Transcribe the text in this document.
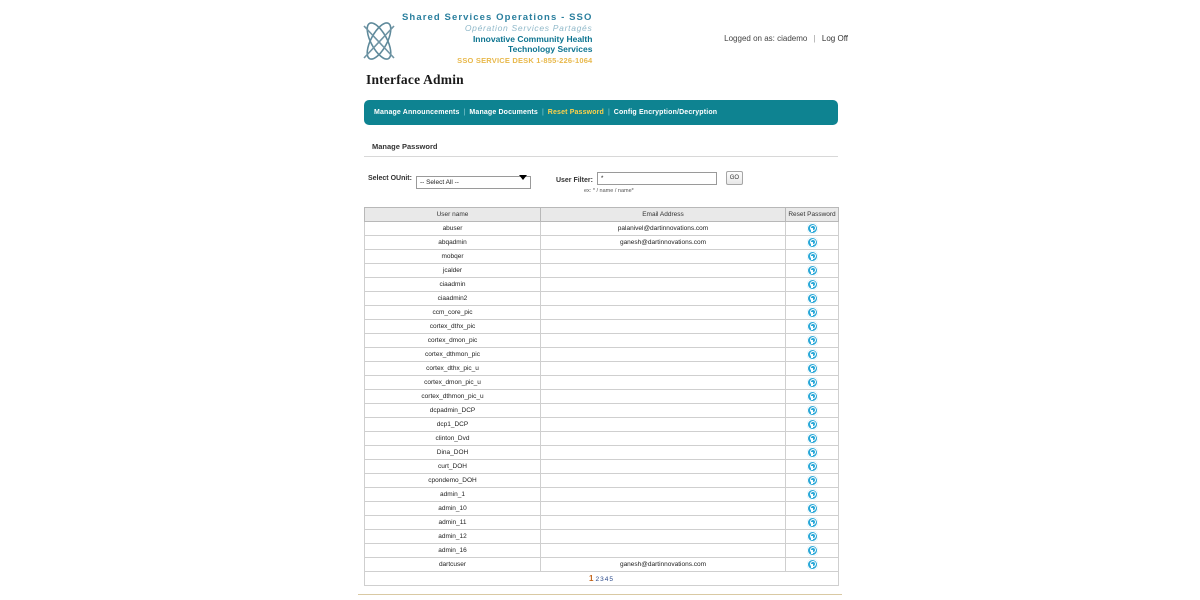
Shared Services Operations - SSO
Opération Services Partagés
Innovative Community Health
Technology Services
SSO SERVICE DESK 1-855-226-1064
Logged on as: ciademo | Log Off
Interface Admin
Manage Announcements | Manage Documents | Reset Password | Config Encryption/Decryption
Manage Password
Select OUnit:
-- Select All --	User Filter:
*	GO
ex: * / name / name*
User name	Email Address	Reset Password
abuser	palanivel@dartinnovations.com	
abqadmin	ganesh@dartinnovations.com	
mobqer		
jcalder		
ciaadmin		
ciaadmin2		
ccm_core_pic		
cortex_dthx_pic		
cortex_dmon_pic		
cortex_dthmon_pic		
cortex_dthx_pic_u		
cortex_dmon_pic_u		
cortex_dthmon_pic_u		
dcpadmin_DCP		
dcp1_DCP		
clinton_Dvd		
Dina_DOH		
curt_DOH		
cpondemo_DOH		
admin_1		
admin_10		
admin_11		
admin_12		
admin_16		
dartcuser	ganesh@dartinnovations.com	
1 2345		
